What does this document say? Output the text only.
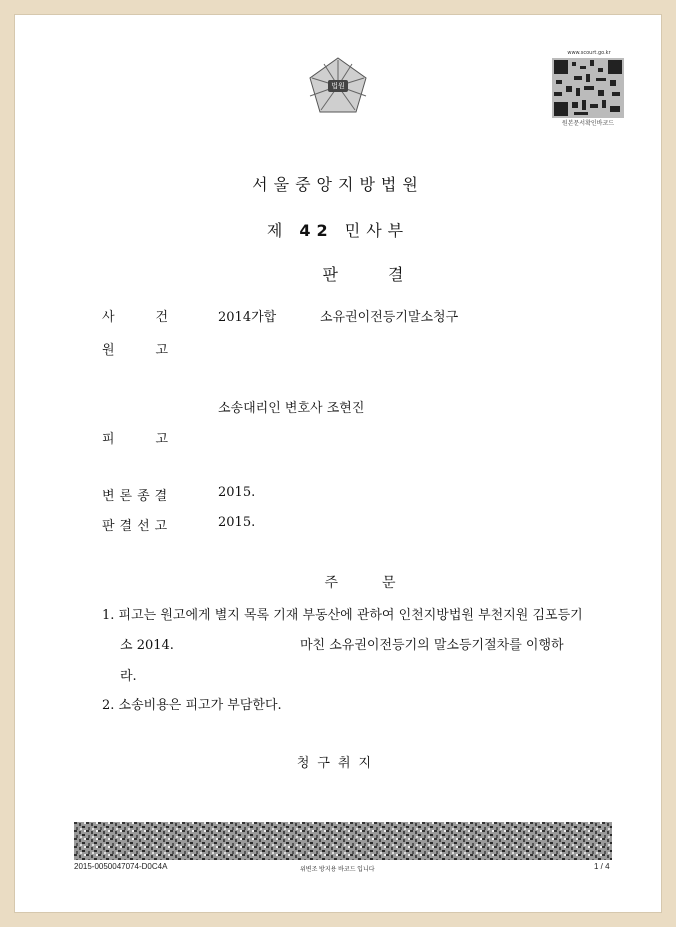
법원
www.scourt.go.kr
원본문서확인바코드
서울중앙지방법원
제 42 민사부
판결
사	건	2014가합	소유권이전등기말소청구
원	고
소송대리인 변호사 조현진
피	고
변론종결	2015.
판결선고	2015.
주문
1. 피고는 원고에게 별지 목록 기재 부동산에 관하여 인천지방법원 부천지원 김포등기
소 2014.	마친 소유권이전등기의 말소등기절차를 이행하
라.
2. 소송비용은 피고가 부담한다.
청구취지
2015-0050047074-D0C4A	위변조 방지용 바코드 입니다	1 / 4
